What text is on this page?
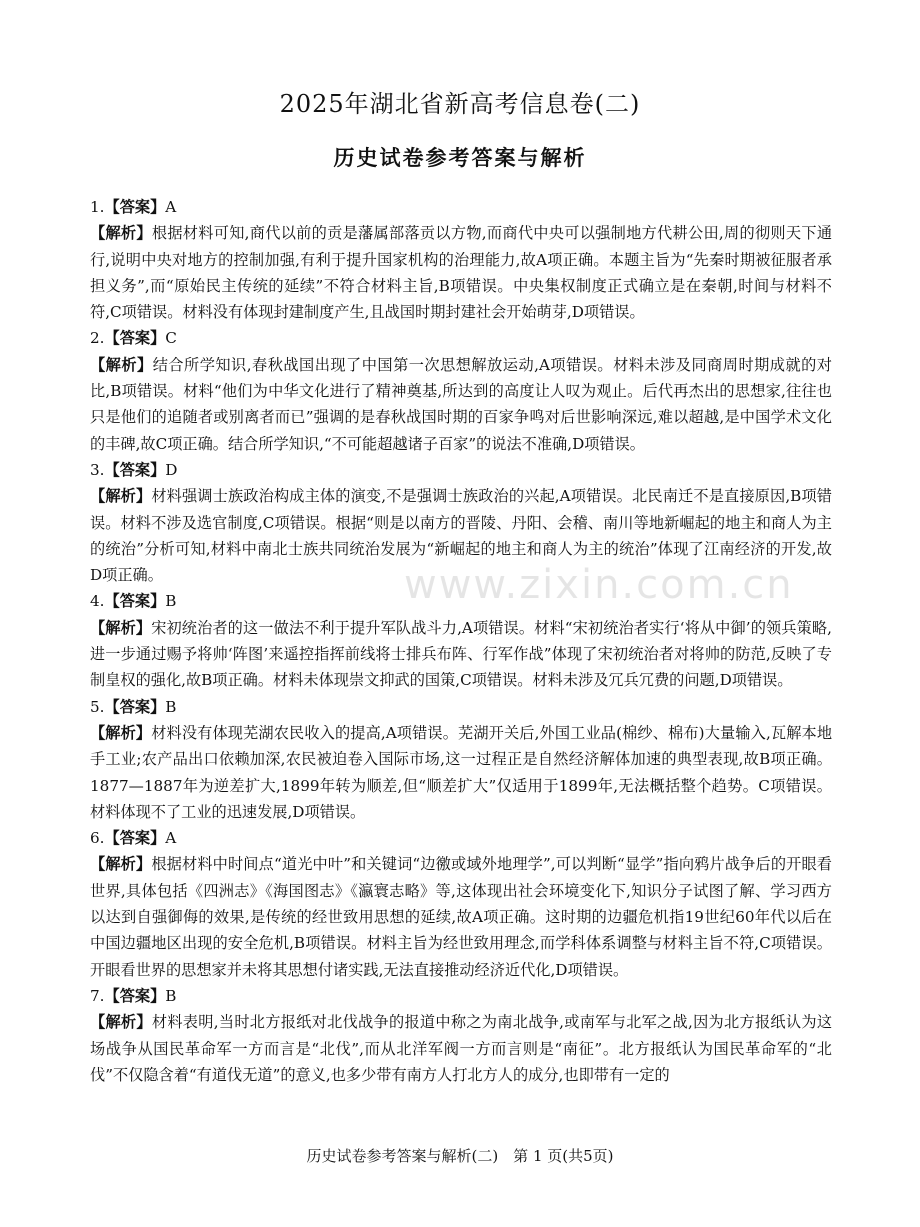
2025年湖北省新高考信息卷(二)
历史试卷参考答案与解析

1.【答案】A

【解析】根据材料可知,商代以前的贡是藩属部落贡以方物,而商代中央可以强制地方代耕公田,周的彻则天下通行,说明中央对地方的控制加强,有利于提升国家机构的治理能力,故A项正确。本题主旨为“先秦时期被征服者承担义务”,而“原始民主传统的延续”不符合材料主旨,B项错误。中央集权制度正式确立是在秦朝,时间与材料不符,C项错误。材料没有体现封建制度产生,且战国时期封建社会开始萌芽,D项错误。

2.【答案】C

【解析】结合所学知识,春秋战国出现了中国第一次思想解放运动,A项错误。材料未涉及同商周时期成就的对比,B项错误。材料“他们为中华文化进行了精神奠基,所达到的高度让人叹为观止。后代再杰出的思想家,往往也只是他们的追随者或别离者而已”强调的是春秋战国时期的百家争鸣对后世影响深远,难以超越,是中国学术文化的丰碑,故C项正确。结合所学知识,“不可能超越诸子百家”的说法不准确,D项错误。

3.【答案】D

【解析】材料强调士族政治构成主体的演变,不是强调士族政治的兴起,A项错误。北民南迁不是直接原因,B项错误。材料不涉及选官制度,C项错误。根据“则是以南方的晋陵、丹阳、会稽、南川等地新崛起的地主和商人为主的统治”分析可知,材料中南北士族共同统治发展为“新崛起的地主和商人为主的统治”体现了江南经济的开发,故D项正确。

4.【答案】B

【解析】宋初统治者的这一做法不利于提升军队战斗力,A项错误。材料“宋初统治者实行‘将从中御’的领兵策略,进一步通过赐予将帅‘阵图’来遥控指挥前线将士排兵布阵、行军作战”体现了宋初统治者对将帅的防范,反映了专制皇权的强化,故B项正确。材料未体现崇文抑武的国策,C项错误。材料未涉及冗兵冗费的问题,D项错误。

5.【答案】B

【解析】材料没有体现芜湖农民收入的提高,A项错误。芜湖开关后,外国工业品(棉纱、棉布)大量输入,瓦解本地手工业;农产品出口依赖加深,农民被迫卷入国际市场,这一过程正是自然经济解体加速的典型表现,故B项正确。1877—1887年为逆差扩大,1899年转为顺差,但“顺差扩大”仅适用于1899年,无法概括整个趋势。C项错误。材料体现不了工业的迅速发展,D项错误。

6.【答案】A

【解析】根据材料中时间点“道光中叶”和关键词“边徼或域外地理学”,可以判断“显学”指向鸦片战争后的开眼看世界,具体包括《四洲志》《海国图志》《瀛寰志略》等,这体现出社会环境变化下,知识分子试图了解、学习西方以达到自强御侮的效果,是传统的经世致用思想的延续,故A项正确。这时期的边疆危机指19世纪60年代以后在中国边疆地区出现的安全危机,B项错误。材料主旨为经世致用理念,而学科体系调整与材料主旨不符,C项错误。开眼看世界的思想家并未将其思想付诸实践,无法直接推动经济近代化,D项错误。

7.【答案】B

【解析】材料表明,当时北方报纸对北伐战争的报道中称之为南北战争,或南军与北军之战,因为北方报纸认为这场战争从国民革命军一方而言是“北伐”,而从北洋军阀一方而言则是“南征”。北方报纸认为国民革命军的“北伐”不仅隐含着“有道伐无道”的意义,也多少带有南方人打北方人的成分,也即带有一定的

www.zixin.com.cn
历史试卷参考答案与解析(二)　第 1 页(共5页)
